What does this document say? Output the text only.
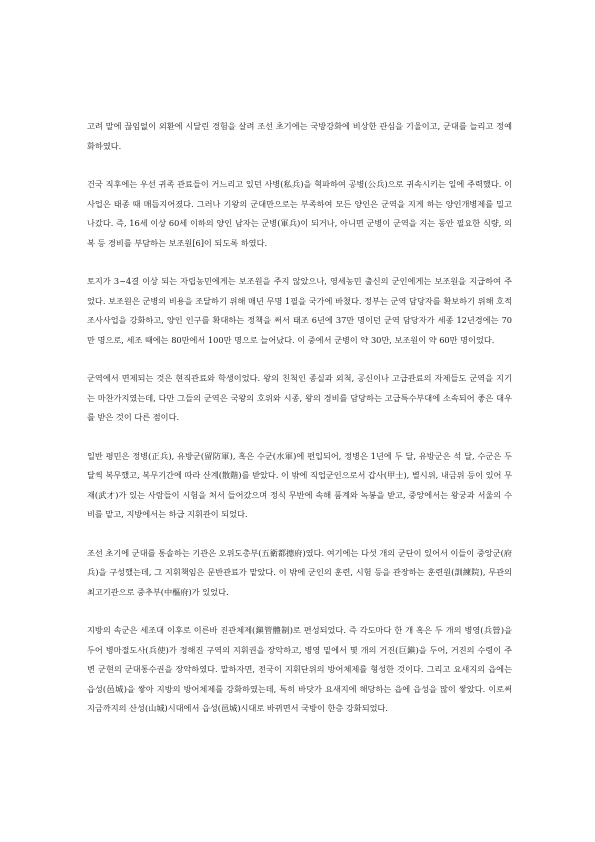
고려 말에 끊임없이 외환에 시달린 경험을 살려 조선 초기에는 국방강화에 비상한 관심을 기울이고, 군대를 늘리고 정예화하였다.

건국 직후에는 우선 귀족 관료들이 거느리고 있던 사병(私兵)을 혁파하여 공병(公兵)으로 귀속시키는 일에 주력했다. 이 사업은 태종 때 매듭지어졌다. 그러나 기왕의 군대만으로는 부족하여 모든 양인은 군역을 지게 하는 양인개병제를 밀고 나갔다. 즉, 16세 이상 60세 이하의 양인 남자는 군병(軍兵)이 되거나, 아니면 군병이 군역을 지는 동안 필요한 식량, 의복 등 경비를 부담하는 보조원[6]이 되도록 하였다.

토지가 3~4결 이상 되는 자립농민에게는 보조원을 주지 않았으나, 영세농민 출신의 군인에게는 보조원을 지급하여 주었다. 보조원은 군병의 비용을 조달하기 위해 매년 무명 1필을 국가에 바쳤다. 정부는 군역 담당자를 확보하기 위해 호적조사사업을 강화하고, 양인 인구를 확대하는 정책을 써서 태조 6년에 37만 명이던 군역 담당자가 세종 12년경에는 70만 명으로, 세조 때에는 80만에서 100만 명으로 늘어났다. 이 중에서 군병이 약 30만, 보조원이 약 60만 명이었다.

군역에서 면제되는 것은 현직관료와 학생이었다. 왕의 친척인 종실과 외척, 공신이나 고급관료의 자제들도 군역을 지기는 마찬가지였는데, 다만 그들의 군역은 국왕의 호위와 시종, 왕의 경비를 담당하는 고급특수부대에 소속되어 좋은 대우를 받은 것이 다른 점이다.

일반 평민은 정병(正兵), 유방군(留防軍), 혹은 수군(水軍)에 편입되어, 정병은 1년에 두 달, 유방군은 석 달, 수군은 두 달씩 복무했고, 복무기간에 따라 산계(散階)를 받았다. 이 밖에 직업군인으로서 갑사(甲士), 별시위, 내금위 등이 있어 무재(武才)가 있는 사람들이 시험을 쳐서 들어갔으며 정식 무반에 속해 품계와 녹봉을 받고, 중앙에서는 왕궁과 서울의 수비를 맡고, 지방에서는 하급 지휘관이 되었다.

조선 초기에 군대를 통솔하는 기관은 오위도총부(五衛都摠府)였다. 여기에는 다섯 개의 군단이 있어서 이들이 중앙군(府兵)을 구성했는데, 그 지휘책임은 문반관료가 맡았다. 이 밖에 군인의 훈련, 시험 등을 관장하는 훈련원(訓練院), 무관의 최고기관으로 중추부(中樞府)가 있었다.

지방의 속군은 세조대 이후로 이른바 진관체제(鎭管體制)로 편성되었다. 즉 각도마다 한 개 혹은 두 개의 병영(兵營)을 두어 병마절도사(兵使)가 정해진 구역의 지휘권을 장악하고, 병영 밑에서 몇 개의 거진(巨鎭)을 두어, 거진의 수령이 주변 군현의 군대통수권을 장악하였다. 말하자면, 전국이 지휘단위의 방어체제를 형성한 것이다. 그리고 요새지의 읍에는 읍성(邑城)을 쌓아 지방의 방어체제를 강화하였는데, 특히 바닷가 요새지에 해당하는 읍에 읍성을 많이 쌓았다. 이로써 지금까지의 산성(山城)시대에서 읍성(邑城)시대로 바뀌면서 국방이 한층 강화되었다.
